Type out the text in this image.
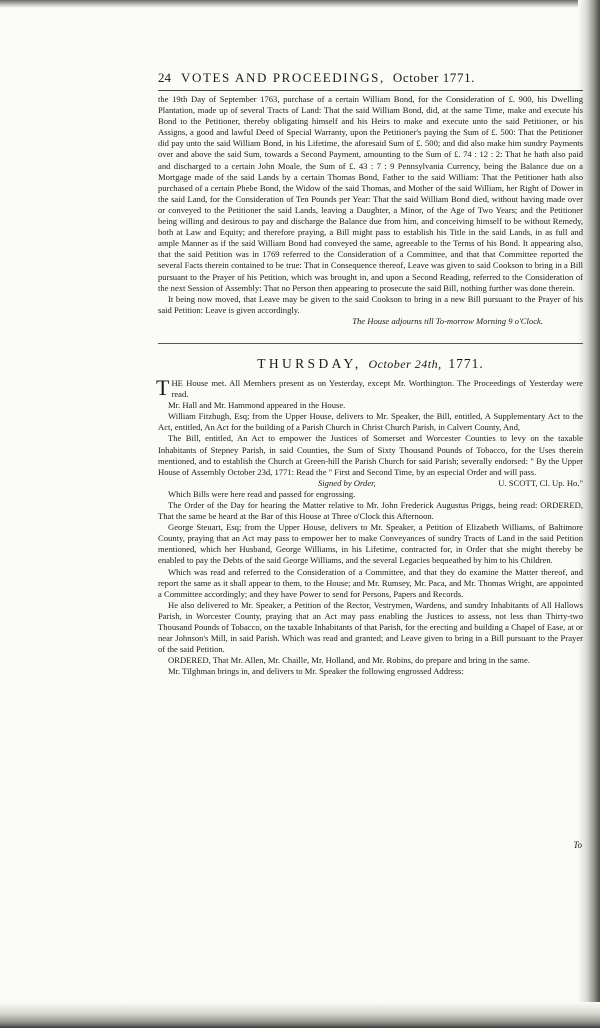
24 VOTES AND PROCEEDINGS, October 1771.

the 19th Day of September 1763, purchase of a certain William Bond, for the Consideration of £. 900, his Dwelling Plantation, made up of several Tracts of Land: That the said William Bond, did, at the same Time, make and execute his Bond to the Petitioner, thereby obligating himself and his Heirs to make and execute unto the said Petitioner, or his Assigns, a good and lawful Deed of Special Warranty, upon the Petitioner's paying the Sum of £. 500: That the Petitioner did pay unto the said William Bond, in his Lifetime, the aforesaid Sum of £. 500; and did also make him sundry Payments over and above the said Sum, towards a Second Payment, amounting to the Sum of £. 74 : 12 : 2: That he hath also paid and discharged to a certain John Moale, the Sum of £. 43 : 7 : 9 Pennsylvania Currency, being the Balance due on a Mortgage made of the said Lands by a certain Thomas Bond, Father to the said William: That the Petitioner hath also purchased of a certain Phebe Bond, the Widow of the said Thomas, and Mother of the said William, her Right of Dower in the said Land, for the Consideration of Ten Pounds per Year: That the said William Bond died, without having made over or conveyed to the Petitioner the said Lands, leaving a Daughter, a Minor, of the Age of Two Years; and the Petitioner being willing and desirous to pay and discharge the Balance due from him, and conceiving himself to be without Remedy, both at Law and Equity; and therefore praying, a Bill might pass to establish his Title in the said Lands, in as full and ample Manner as if the said William Bond had conveyed the same, agreeable to the Terms of his Bond. It appearing also, that the said Petition was in 1769 referred to the Consideration of a Committee, and that that Committee reported the several Facts therein contained to be true: That in Consequence thereof, Leave was given to said Cookson to bring in a Bill pursuant to the Prayer of his Petition, which was brought in, and upon a Second Reading, referred to the Consideration of the next Session of Assembly: That no Person then appearing to prosecute the said Bill, nothing further was done therein.

It being now moved, that Leave may be given to the said Cookson to bring in a new Bill pursuant to the Prayer of his said Petition: Leave is given accordingly.

The House adjourns till To-morrow Morning 9 o'Clock.

THURSDAY, October 24th, 1771.

THE House met. All Members present as on Yesterday, except Mr. Worthington. The Proceedings of Yesterday were read.

Mr. Hall and Mr. Hammond appeared in the House.

William Fitzhugh, Esq; from the Upper House, delivers to Mr. Speaker, the Bill, entitled, A Supplementary Act to the Act, entitled, An Act for the building of a Parish Church in Christ Church Parish, in Calvert County, And,

The Bill, entitled, An Act to empower the Justices of Somerset and Worcester Counties to levy on the taxable Inhabitants of Stepney Parish, in said Counties, the Sum of Sixty Thousand Pounds of Tobacco, for the Uses therein mentioned, and to establish the Church at Green-hill the Parish Church for said Parish; severally endorsed: " By the Upper House of Assembly October 23d, 1771: Read the " First and Second Time, by an especial Order and will pass.

Signed by Order,	U. SCOTT, Cl. Up. Ho."

Which Bills were here read and passed for engrossing.

The Order of the Day for hearing the Matter relative to Mr. John Frederick Augustus Priggs, being read: ORDERED, That the same be heard at the Bar of this House at Three o'Clock this Afternoon.

George Steuart, Esq; from the Upper House, delivers to Mr. Speaker, a Petition of Elizabeth Williams, of Baltimore County, praying that an Act may pass to empower her to make Conveyances of sundry Tracts of Land in the said Petition mentioned, which her Husband, George Williams, in his Lifetime, contracted for, in Order that she might thereby be enabled to pay the Debts of the said George Williams, and the several Legacies bequeathed by him to his Children.

Which was read and referred to the Consideration of a Committee, and that they do examine the Matter thereof, and report the same as it shall appear to them, to the House; and Mr. Rumsey, Mr. Paca, and Mr. Thomas Wright, are appointed a Committee accordingly; and they have Power to send for Persons, Papers and Records.

He also delivered to Mr. Speaker, a Petition of the Rector, Vestrymen, Wardens, and sundry Inhabitants of All Hallows Parish, in Worcester County, praying that an Act may pass enabling the Justices to assess, not less than Thirty-two Thousand Pounds of Tobacco, on the taxable Inhabitants of that Parish, for the erecting and building a Chapel of Ease, at or near Johnson's Mill, in said Parish. Which was read and granted; and Leave given to bring in a Bill pursuant to the Prayer of the said Petition.

ORDERED, That Mr. Allen, Mr. Chaille, Mr. Holland, and Mr. Robins, do prepare and bring in the same.

Mr. Tilghman brings in, and delivers to Mr. Speaker the following engrossed Address:

To
